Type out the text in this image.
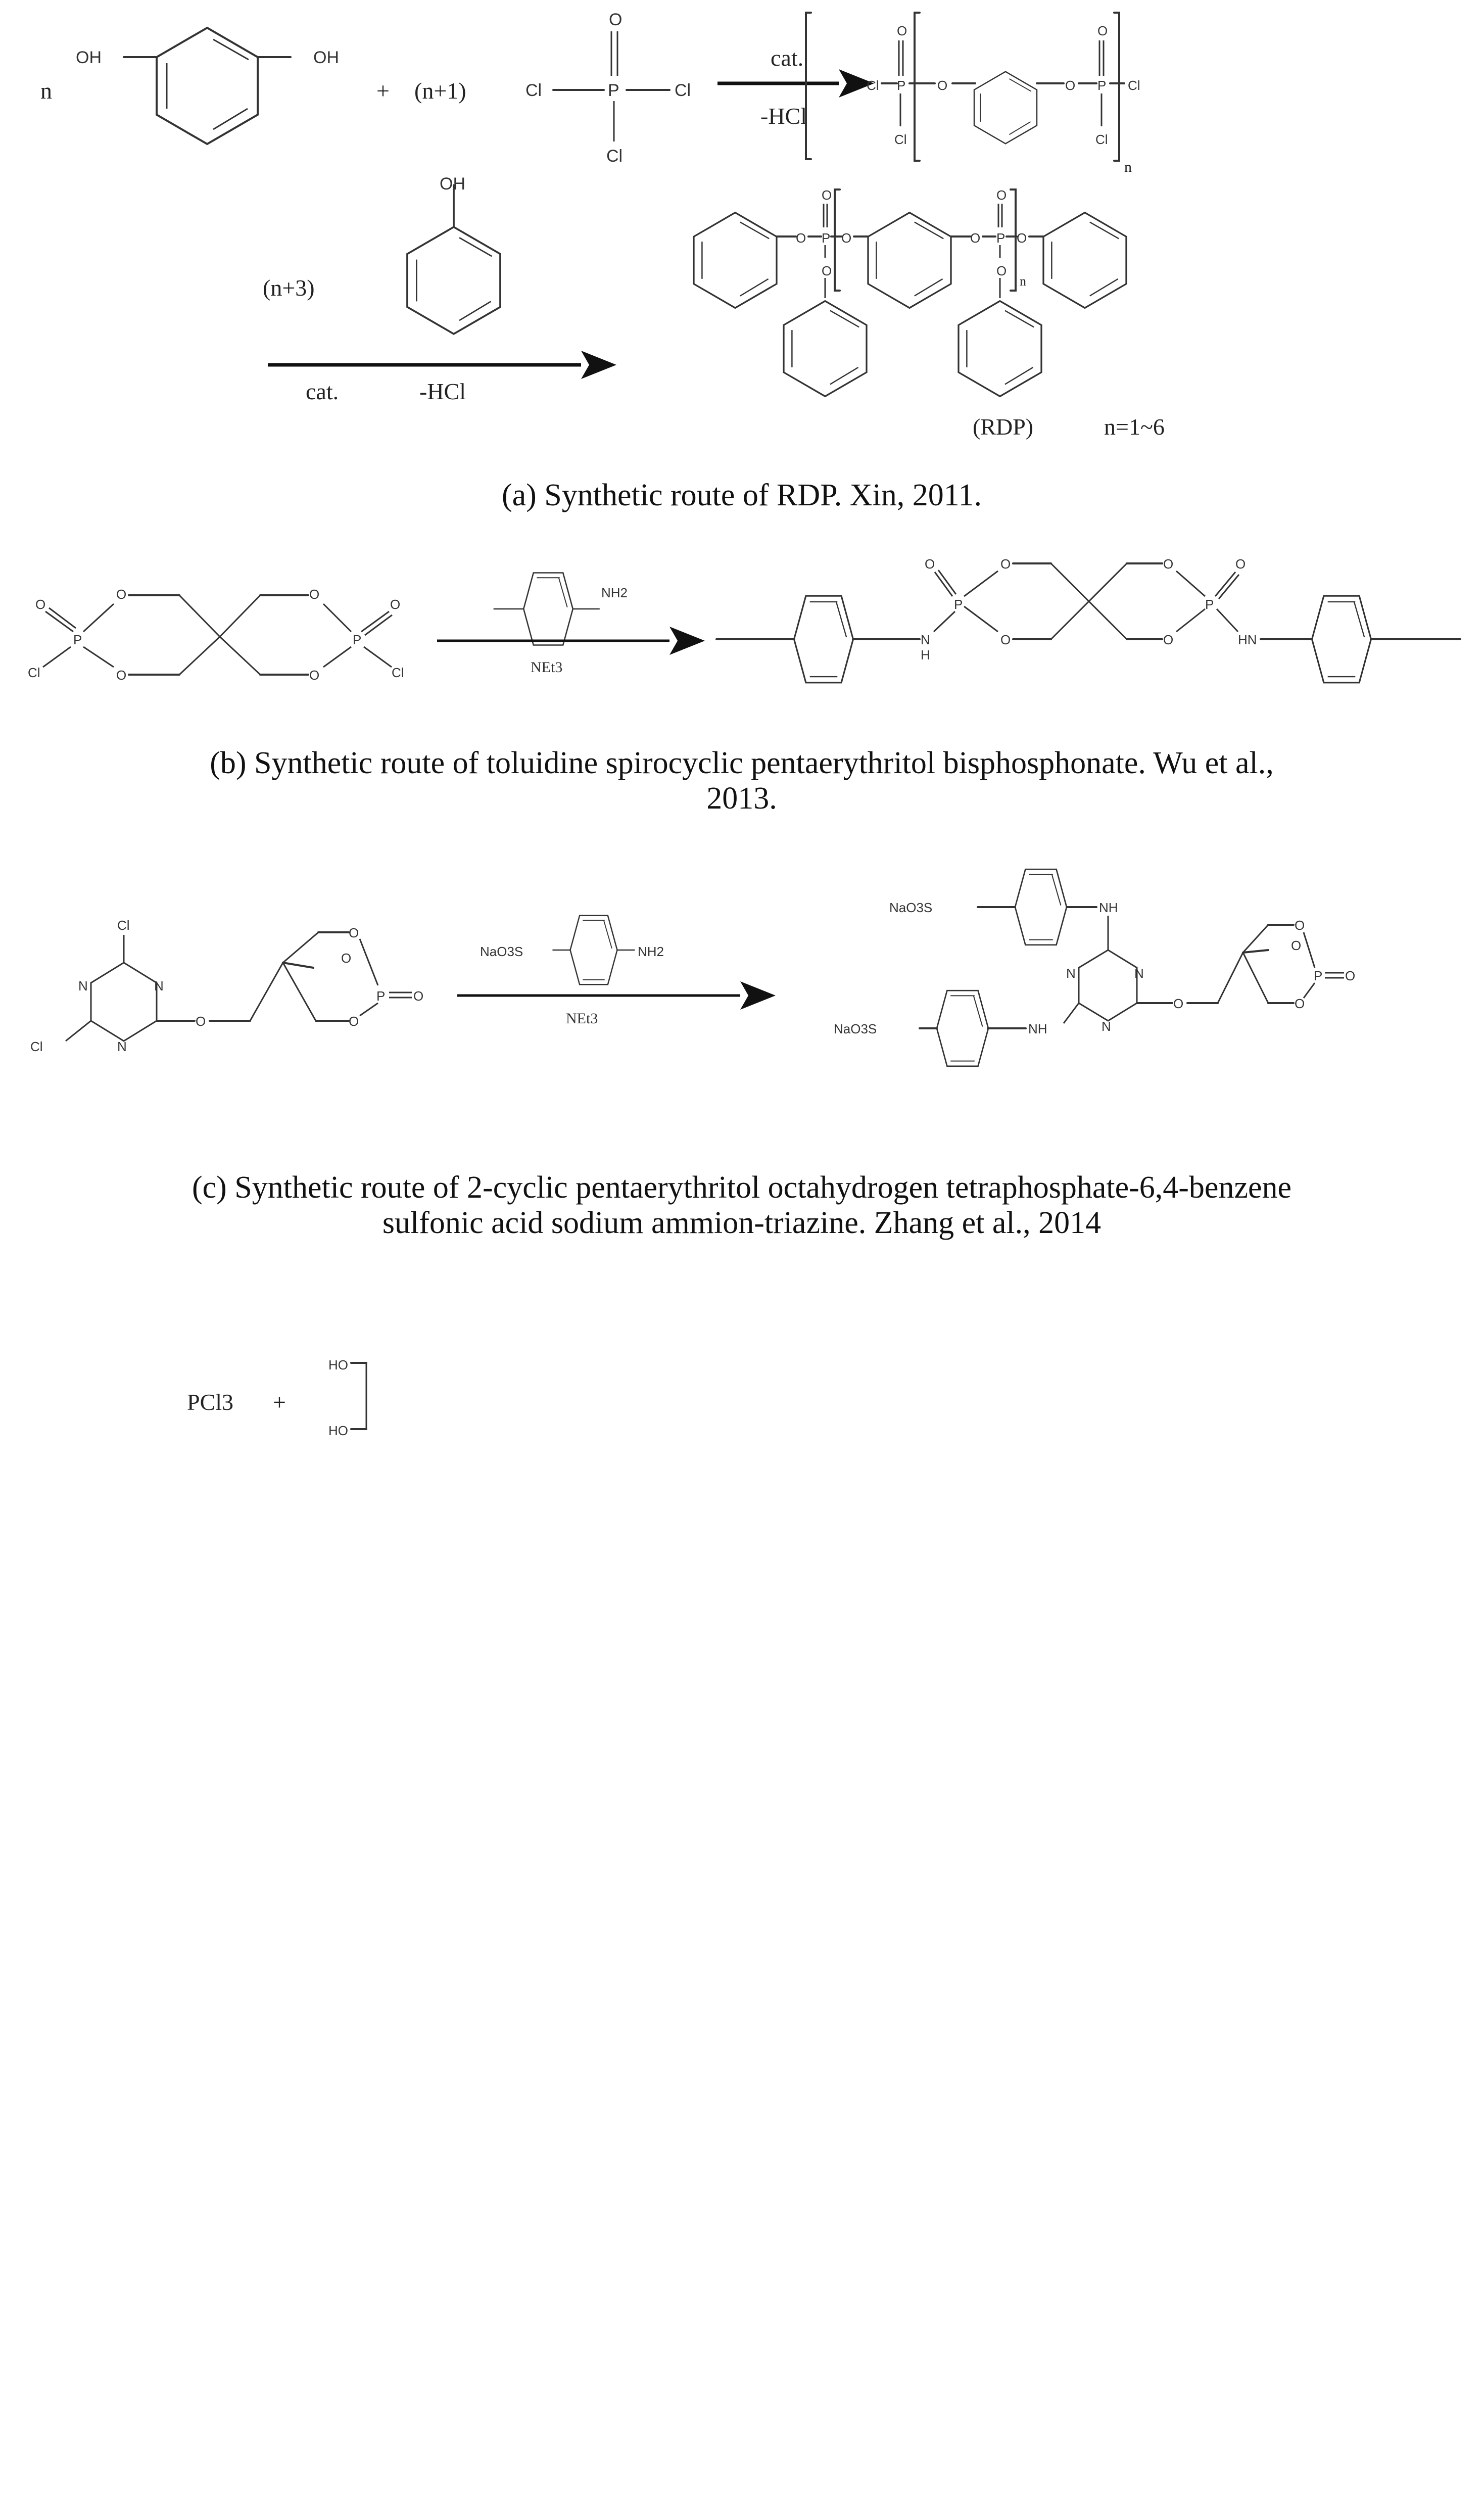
n
OH	OH
+ (n+1)
O
P
Cl	Cl
Cl
cat.
-HCl
Cl P
O
Cl
O	O P
O
Cl
Cl
n
(n+3)
OH
cat.	-HCl
O P
O
O
O	O P
O
O
n
O
(RDP)	n=1~6
(a) Synthetic route of RDP. Xin, 2011.
O
O
P
O
Cl
O
O
P
O
Cl
NH2
NEt3
N
H
P
O	O
O
O
O
P
O
HN
(b) Synthetic route of toluidine spirocyclic pentaerythritol bisphosphonate. Wu et al.,
2013.
Cl
N	N
N
Cl
O
O
O
O
P O
NaO3S	NH2
NEt3
NaO3S	NH
N	N
N
NH
NaO3S
O
O
O
O
P O
(c) Synthetic route of 2-cyclic pentaerythritol octahydrogen tetraphosphate-6,4-benzene
sulfonic acid sodium ammion-triazine. Zhang et al., 2014
PCl3 +
HO
HO
